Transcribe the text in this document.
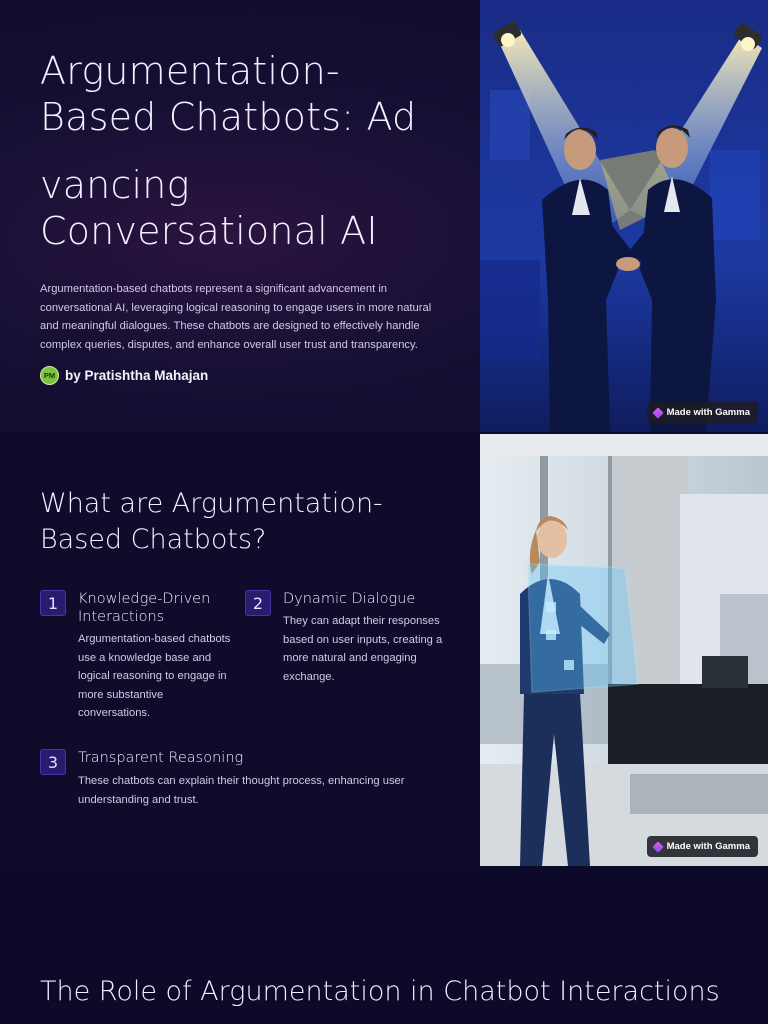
Argumentation-
Based Chatbots: Ad
vancing
Conversational AI

Argumentation-based chatbots represent a significant advancement in conversational AI, leveraging logical reasoning to engage users in more natural and meaningful dialogues. These chatbots are designed to effectively handle complex queries, disputes, and enhance overall user trust and transparency.

PM by Pratishtha Mahajan
Made with Gamma
What are Argumentation-Based Chatbots?
1	Knowledge-Driven Interactions
Argumentation-based chatbots use a knowledge base and logical reasoning to engage in more substantive conversations.
2	Dynamic Dialogue
They can adapt their responses based on user inputs, creating a more natural and engaging exchange.
3	Transparent Reasoning
These chatbots can explain their thought process, enhancing user understanding and trust.
Made with Gamma
The Role of Argumentation in Chatbot Interactions
